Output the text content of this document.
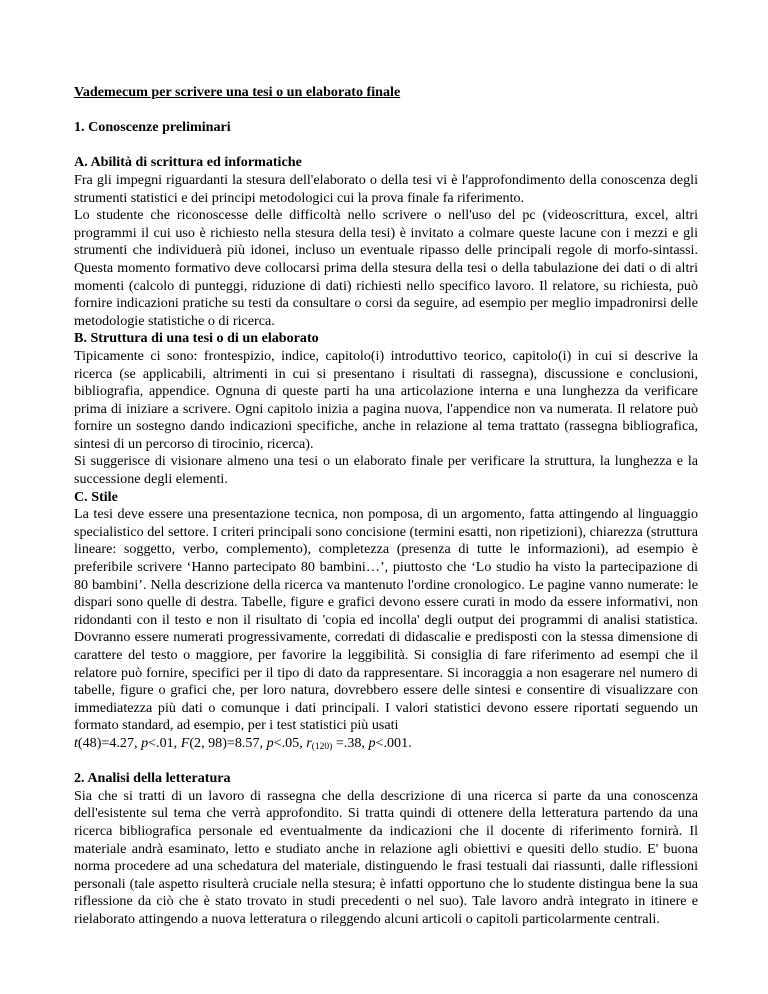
Vademecum per scrivere una tesi o un elaborato finale

1. Conoscenze preliminari

A. Abilità di scrittura ed informatiche

Fra gli impegni riguardanti la stesura dell'elaborato o della tesi vi è l'approfondimento della conoscenza degli strumenti statistici e dei principi metodologici cui la prova finale fa riferimento.

Lo studente che riconoscesse delle difficoltà nello scrivere o nell'uso del pc (videoscrittura, excel, altri programmi il cui uso è richiesto nella stesura della tesi) è invitato a colmare queste lacune con i mezzi e gli strumenti che individuerà più idonei, incluso un eventuale ripasso delle principali regole di morfo-sintassi. Questa momento formativo deve collocarsi prima della stesura della tesi o della tabulazione dei dati o di altri momenti (calcolo di punteggi, riduzione di dati) richiesti nello specifico lavoro. Il relatore, su richiesta, può fornire indicazioni pratiche su testi da consultare o corsi da seguire, ad esempio per meglio impadronirsi delle metodologie statistiche o di ricerca.

B. Struttura di una tesi o di un elaborato

Tipicamente ci sono: frontespizio, indice, capitolo(i) introduttivo teorico, capitolo(i) in cui si descrive la ricerca (se applicabili, altrimenti in cui si presentano i risultati di rassegna), discussione e conclusioni, bibliografia, appendice. Ognuna di queste parti ha una articolazione interna e una lunghezza da verificare prima di iniziare a scrivere. Ogni capitolo inizia a pagina nuova, l'appendice non va numerata. Il relatore può fornire un sostegno dando indicazioni specifiche, anche in relazione al tema trattato (rassegna bibliografica, sintesi di un percorso di tirocinio, ricerca).

Si suggerisce di visionare almeno una tesi o un elaborato finale per verificare la struttura, la lunghezza e la successione degli elementi.

C. Stile

La tesi deve essere una presentazione tecnica, non pomposa, di un argomento, fatta attingendo al linguaggio specialistico del settore. I criteri principali sono concisione (termini esatti, non ripetizioni), chiarezza (struttura lineare: soggetto, verbo, complemento), completezza (presenza di tutte le informazioni), ad esempio è preferibile scrivere ‘Hanno partecipato 80 bambini…’, piuttosto che ‘Lo studio ha visto la partecipazione di 80 bambini’. Nella descrizione della ricerca va mantenuto l'ordine cronologico. Le pagine vanno numerate: le dispari sono quelle di destra. Tabelle, figure e grafici devono essere curati in modo da essere informativi, non ridondanti con il testo e non il risultato di 'copia ed incolla' degli output dei programmi di analisi statistica. Dovranno essere numerati progressivamente, corredati di didascalie e predisposti con la stessa dimensione di carattere del testo o maggiore, per favorire la leggibilità. Si consiglia di fare riferimento ad esempi che il relatore può fornire, specifici per il tipo di dato da rappresentare. Si incoraggia a non esagerare nel numero di tabelle, figure o grafici che, per loro natura, dovrebbero essere delle sintesi e consentire di visualizzare con immediatezza più dati o comunque i dati principali. I valori statistici devono essere riportati seguendo un formato standard, ad esempio, per i test statistici più usati
t(48)=4.27, p<.01, F(2, 98)=8.57, p<.05, $r_{(120)} =.38$, p<.001.

2. Analisi della letteratura

Sia che si tratti di un lavoro di rassegna che della descrizione di una ricerca si parte da una conoscenza dell'esistente sul tema che verrà approfondito. Si tratta quindi di ottenere della letteratura partendo da una ricerca bibliografica personale ed eventualmente da indicazioni che il docente di riferimento fornirà. Il materiale andrà esaminato, letto e studiato anche in relazione agli obiettivi e quesiti dello studio. E' buona norma procedere ad una schedatura del materiale, distinguendo le frasi testuali dai riassunti, dalle riflessioni personali (tale aspetto risulterà cruciale nella stesura; è infatti opportuno che lo studente distingua bene la sua riflessione da ciò che è stato trovato in studi precedenti o nel suo). Tale lavoro andrà integrato in itinere e rielaborato attingendo a nuova letteratura o rileggendo alcuni articoli o capitoli particolarmente centrali.
